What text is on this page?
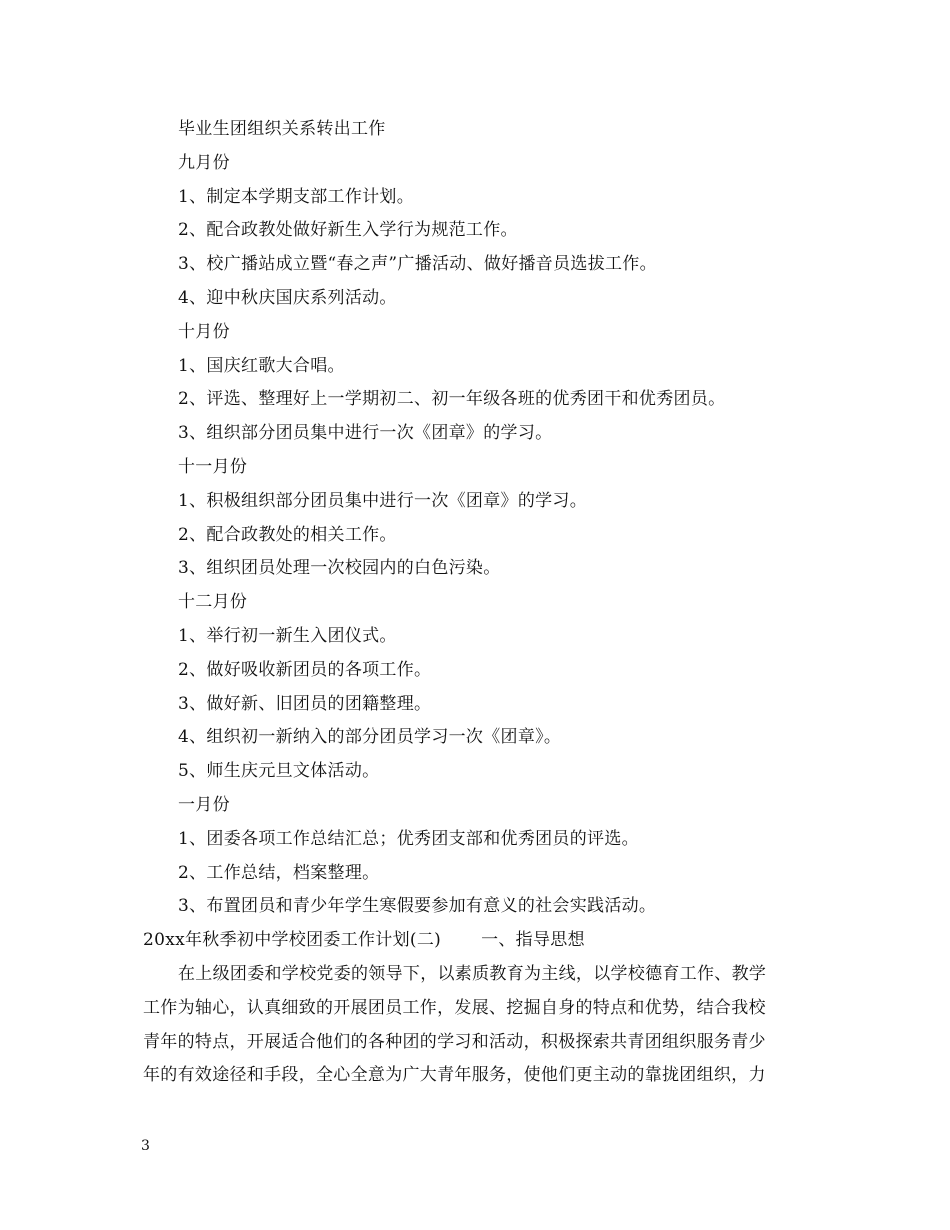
毕业生团组织关系转出工作
九月份
1、制定本学期支部工作计划。
2、配合政教处做好新生入学行为规范工作。
3、校广播站成立暨“春之声”广播活动、做好播音员选拔工作。
4、迎中秋庆国庆系列活动。
十月份
1、国庆红歌大合唱。
2、评选、整理好上一学期初二、初一年级各班的优秀团干和优秀团员。
3、组织部分团员集中进行一次《团章》的学习。
十一月份
1、积极组织部分团员集中进行一次《团章》的学习。
2、配合政教处的相关工作。
3、组织团员处理一次校园内的白色污染。
十二月份
1、举行初一新生入团仪式。
2、做好吸收新团员的各项工作。
3、做好新、旧团员的团籍整理。
4、组织初一新纳入的部分团员学习一次《团章》。
5、师生庆元旦文体活动。
一月份
1、团委各项工作总结汇总；优秀团支部和优秀团员的评选。
2、工作总结，档案整理。
3、布置团员和青少年学生寒假要参加有意义的社会实践活动。
20xx年秋季初中学校团委工作计划(二) 一、指导思想
在上级团委和学校党委的领导下，以素质教育为主线，以学校德育工作、教学
工作为轴心，认真细致的开展团员工作，发展、挖掘自身的特点和优势，结合我校
青年的特点，开展适合他们的各种团的学习和活动，积极探索共青团组织服务青少
年的有效途径和手段，全心全意为广大青年服务，使他们更主动的靠拢团组织，力
3
